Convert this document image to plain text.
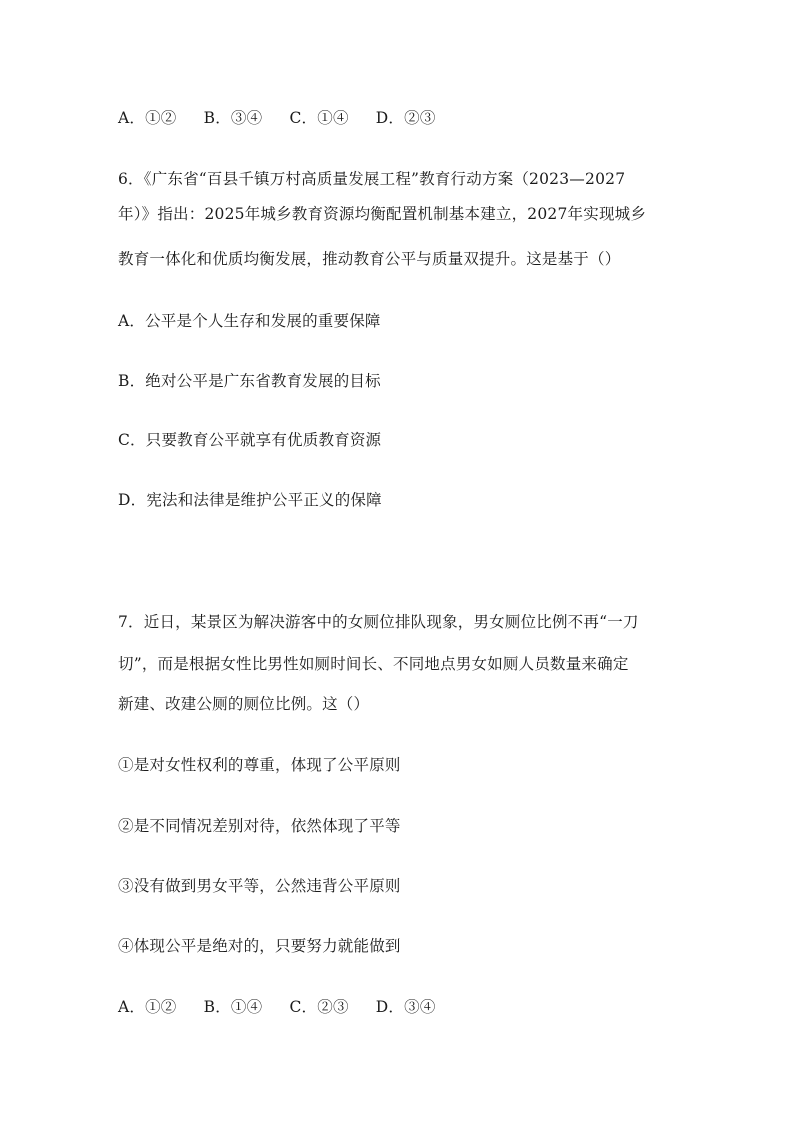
A．①② B．③④ C．①④ D．②③
6．《广东省“百县千镇万村高质量发展工程”教育行动方案（2023—2027
年）》指出：2025年城乡教育资源均衡配置机制基本建立，2027年实现城乡
教育一体化和优质均衡发展，推动教育公平与质量双提升。这是基于（）
A．公平是个人生存和发展的重要保障
B．绝对公平是广东省教育发展的目标
C．只要教育公平就享有优质教育资源
D．宪法和法律是维护公平正义的保障
7．近日，某景区为解决游客中的女厕位排队现象，男女厕位比例不再“一刀
切”，而是根据女性比男性如厕时间长、不同地点男女如厕人员数量来确定
新建、改建公厕的厕位比例。这（）
①是对女性权利的尊重，体现了公平原则
②是不同情况差别对待，依然体现了平等
③没有做到男女平等，公然违背公平原则
④体现公平是绝对的，只要努力就能做到
A．①② B．①④ C．②③ D．③④
